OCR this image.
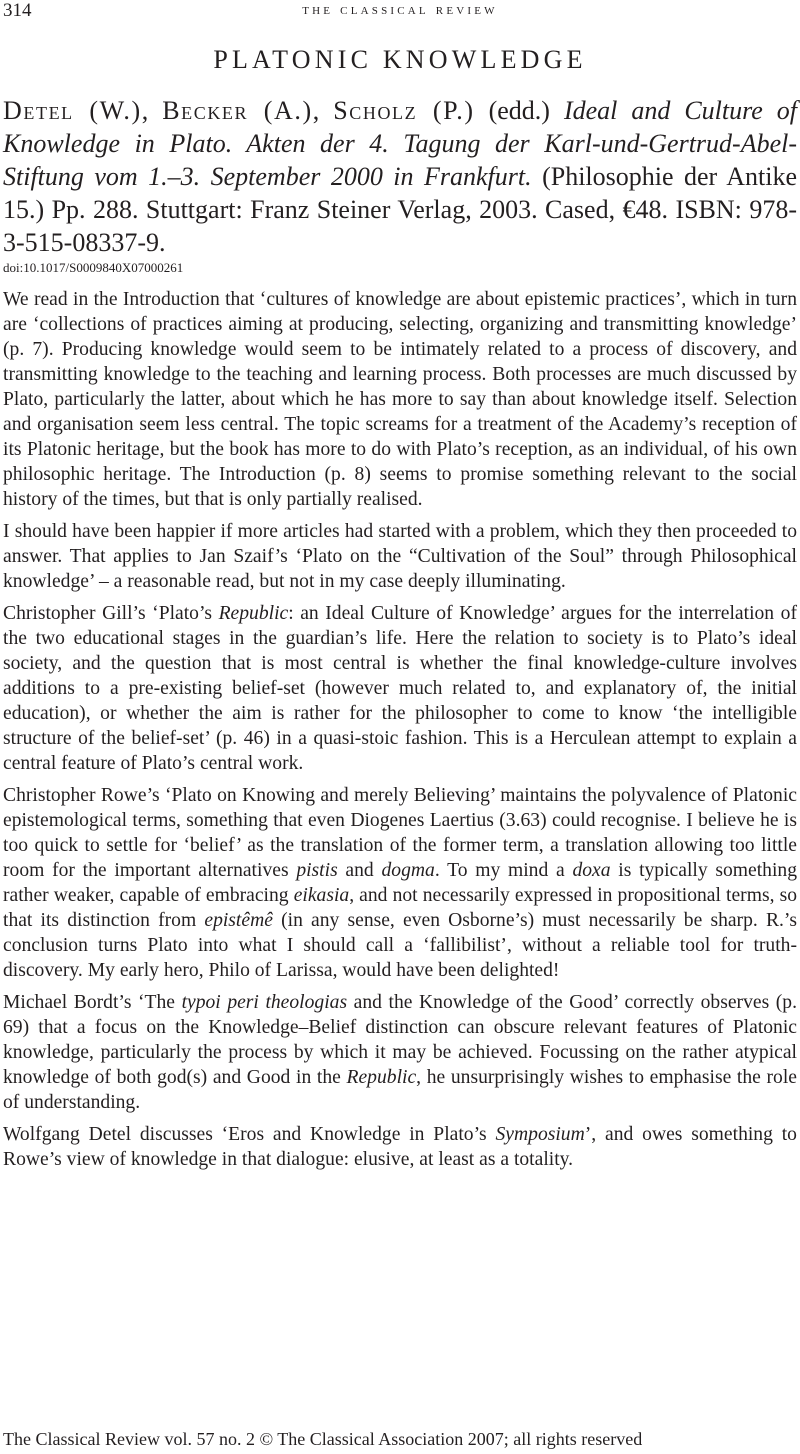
314	the classical review
PLATONIC KNOWLEDGE
Detel (W.), Becker (A.), Scholz (P.) (edd.) Ideal and Culture of Knowledge in Plato. Akten der 4. Tagung der Karl-und-Gertrud-Abel-Stiftung vom 1.–3. September 2000 in Frankfurt. (Philosophie der Antike 15.) Pp. 288. Stuttgart: Franz Steiner Verlag, 2003. Cased, €48. ISBN: 978-3-515-08337-9.

doi:10.1017/S0009840X07000261

We read in the Introduction that ‘cultures of knowledge are about epistemic practices’, which in turn are ‘collections of practices aiming at producing, selecting, organizing and transmitting knowledge’ (p. 7). Producing knowledge would seem to be intimately related to a process of discovery, and transmitting knowledge to the teaching and learning process. Both processes are much discussed by Plato, particularly the latter, about which he has more to say than about knowledge itself. Selection and organisation seem less central. The topic screams for a treatment of the Academy’s reception of its Platonic heritage, but the book has more to do with Plato’s reception, as an individual, of his own philosophic heritage. The Introduction (p. 8) seems to promise something relevant to the social history of the times, but that is only partially realised.

I should have been happier if more articles had started with a problem, which they then proceeded to answer. That applies to Jan Szaif’s ‘Plato on the “Cultivation of the Soul” through Philosophical knowledge’ – a reasonable read, but not in my case deeply illuminating.

Christopher Gill’s ‘Plato’s Republic: an Ideal Culture of Knowledge’ argues for the interrelation of the two educational stages in the guardian’s life. Here the relation to society is to Plato’s ideal society, and the question that is most central is whether the final knowledge-culture involves additions to a pre-existing belief-set (however much related to, and explanatory of, the initial education), or whether the aim is rather for the philosopher to come to know ‘the intelligible structure of the belief-set’ (p. 46) in a quasi-stoic fashion. This is a Herculean attempt to explain a central feature of Plato’s central work.

Christopher Rowe’s ‘Plato on Knowing and merely Believing’ maintains the polyvalence of Platonic epistemological terms, something that even Diogenes Laertius (3.63) could recognise. I believe he is too quick to settle for ‘belief’ as the translation of the former term, a translation allowing too little room for the important alternatives pistis and dogma. To my mind a doxa is typically something rather weaker, capable of embracing eikasia, and not necessarily expressed in propositional terms, so that its distinction from epistêmê (in any sense, even Osborne’s) must necessarily be sharp. R.’s conclusion turns Plato into what I should call a ‘fallibilist’, without a reliable tool for truth-discovery. My early hero, Philo of Larissa, would have been delighted!

Michael Bordt’s ‘The typoi peri theologias and the Knowledge of the Good’ correctly observes (p. 69) that a focus on the Knowledge–Belief distinction can obscure relevant features of Platonic knowledge, particularly the process by which it may be achieved. Focussing on the rather atypical knowledge of both god(s) and Good in the Republic, he unsurprisingly wishes to emphasise the role of understanding.

Wolfgang Detel discusses ‘Eros and Knowledge in Plato’s Symposium’, and owes something to Rowe’s view of knowledge in that dialogue: elusive, at least as a totality.

The Classical Review vol. 57 no. 2 © The Classical Association 2007; all rights reserved
